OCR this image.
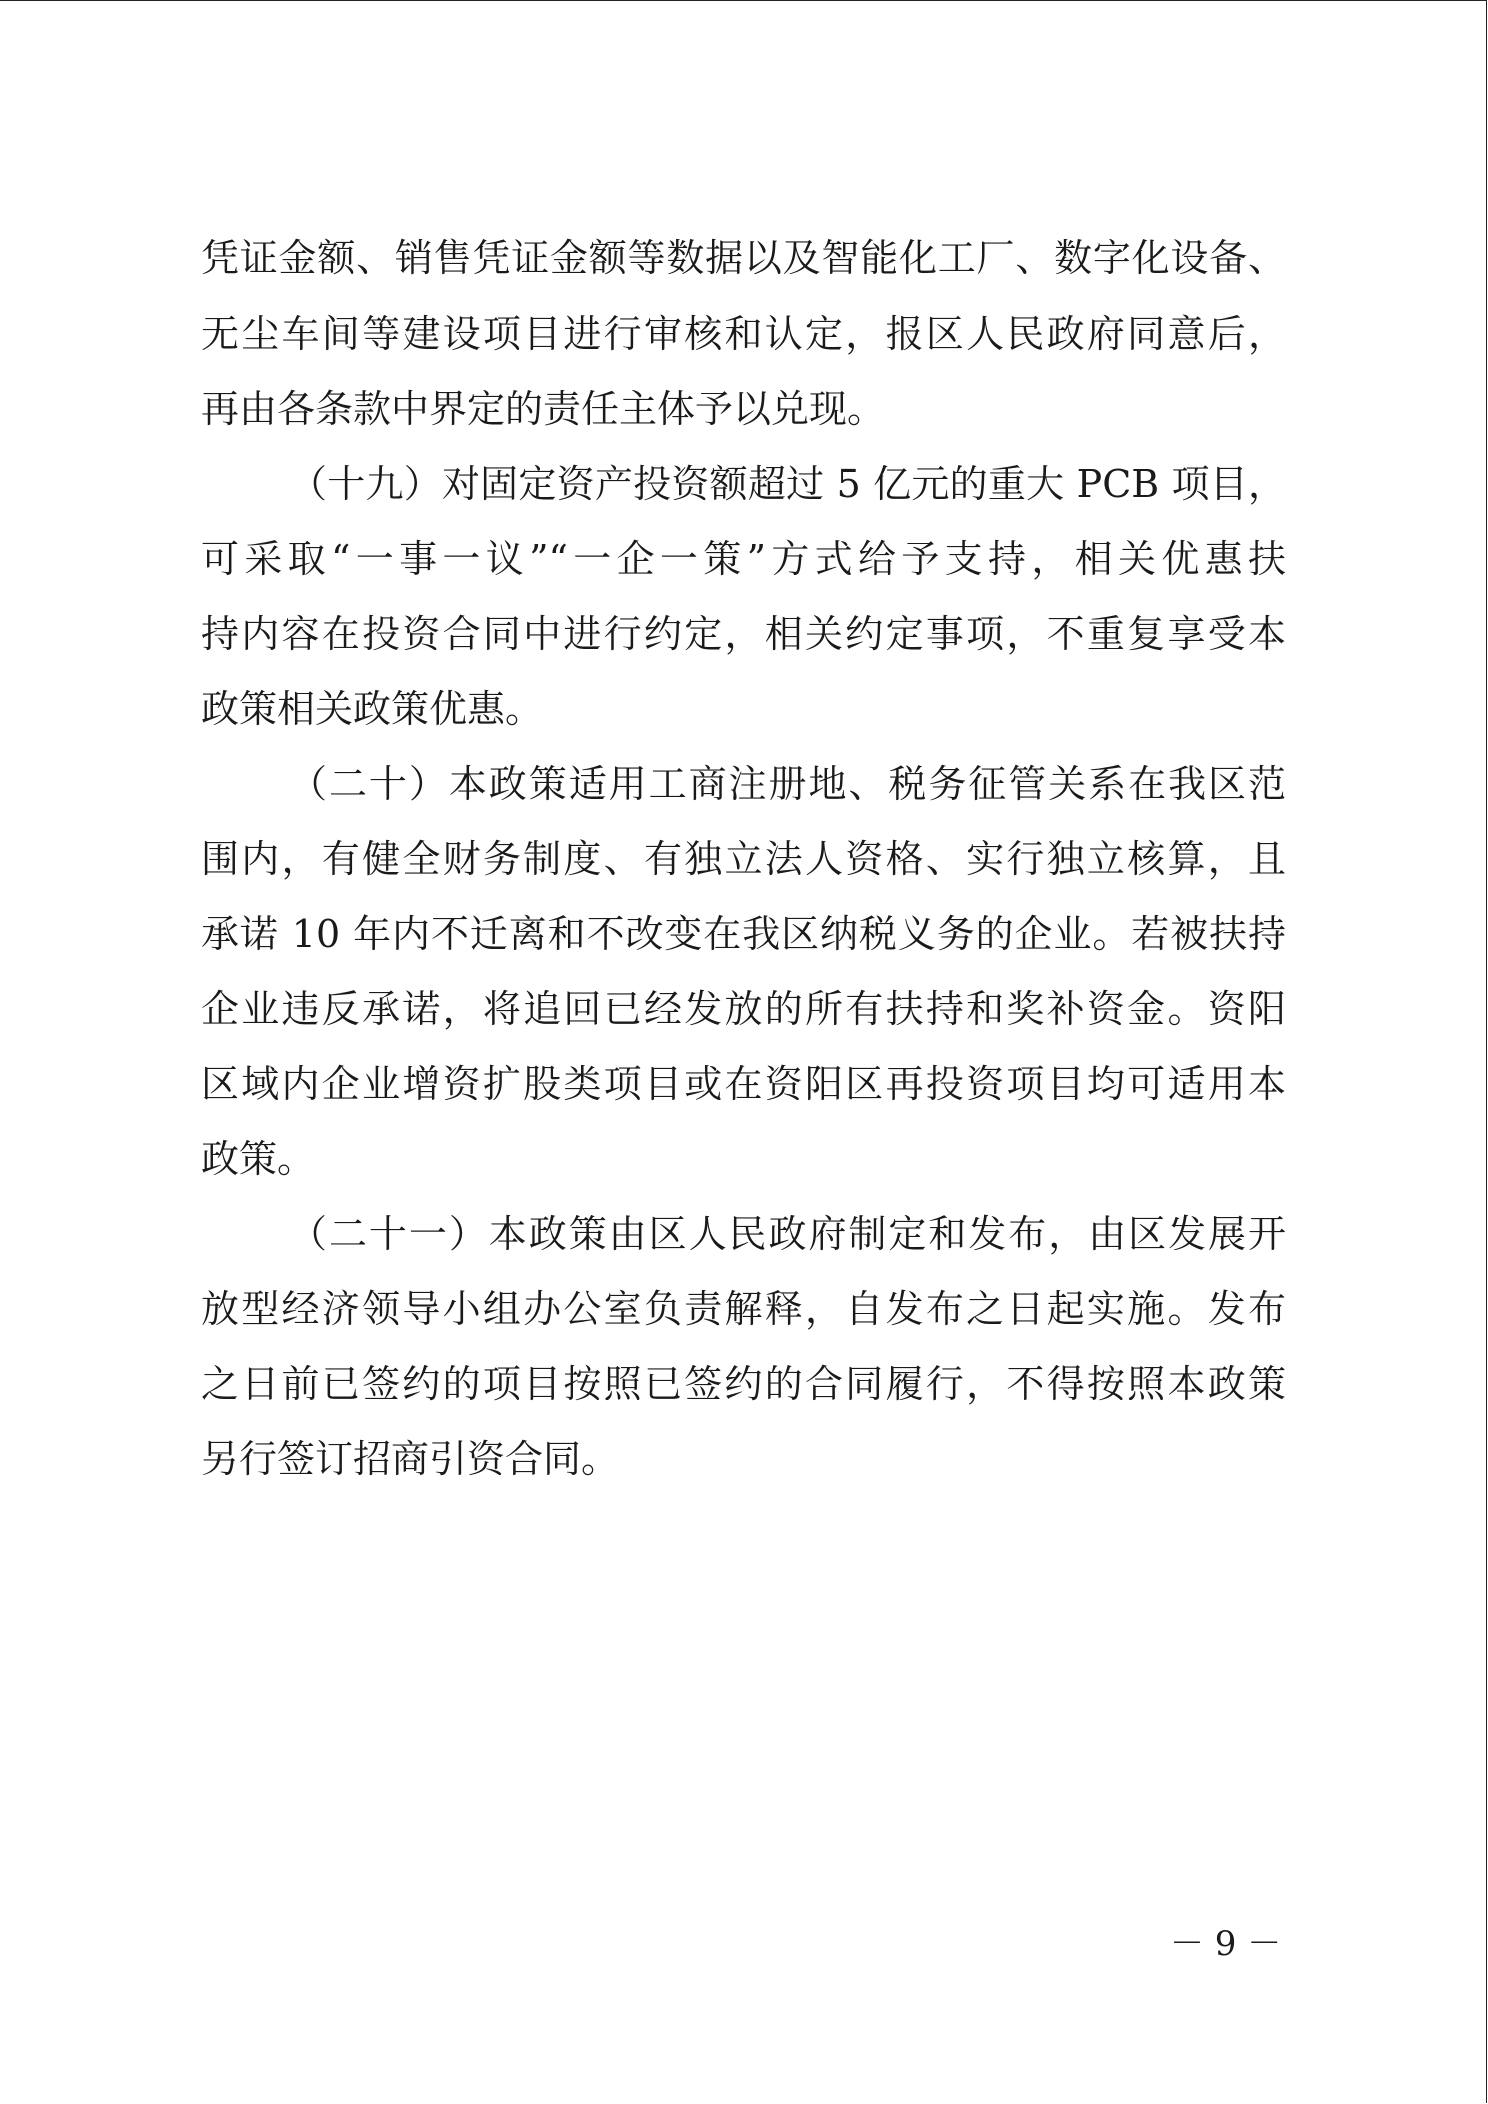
凭证金额、销售凭证金额等数据以及智能化工厂、数字化设备、
无尘车间等建设项目进行审核和认定，报区人民政府同意后，
再由各条款中界定的责任主体予以兑现。
（十九）对固定资产投资额超过 5 亿元的重大 PCB 项目，
可采取“一事一议”“一企一策”方式给予支持，相关优惠扶
持内容在投资合同中进行约定，相关约定事项，不重复享受本
政策相关政策优惠。
（二十）本政策适用工商注册地、税务征管关系在我区范
围内，有健全财务制度、有独立法人资格、实行独立核算，且
承诺 10 年内不迁离和不改变在我区纳税义务的企业。若被扶持
企业违反承诺，将追回已经发放的所有扶持和奖补资金。资阳
区域内企业增资扩股类项目或在资阳区再投资项目均可适用本
政策。
（二十一）本政策由区人民政府制定和发布，由区发展开
放型经济领导小组办公室负责解释，自发布之日起实施。发布
之日前已签约的项目按照已签约的合同履行，不得按照本政策
另行签订招商引资合同。
－ 9 －
